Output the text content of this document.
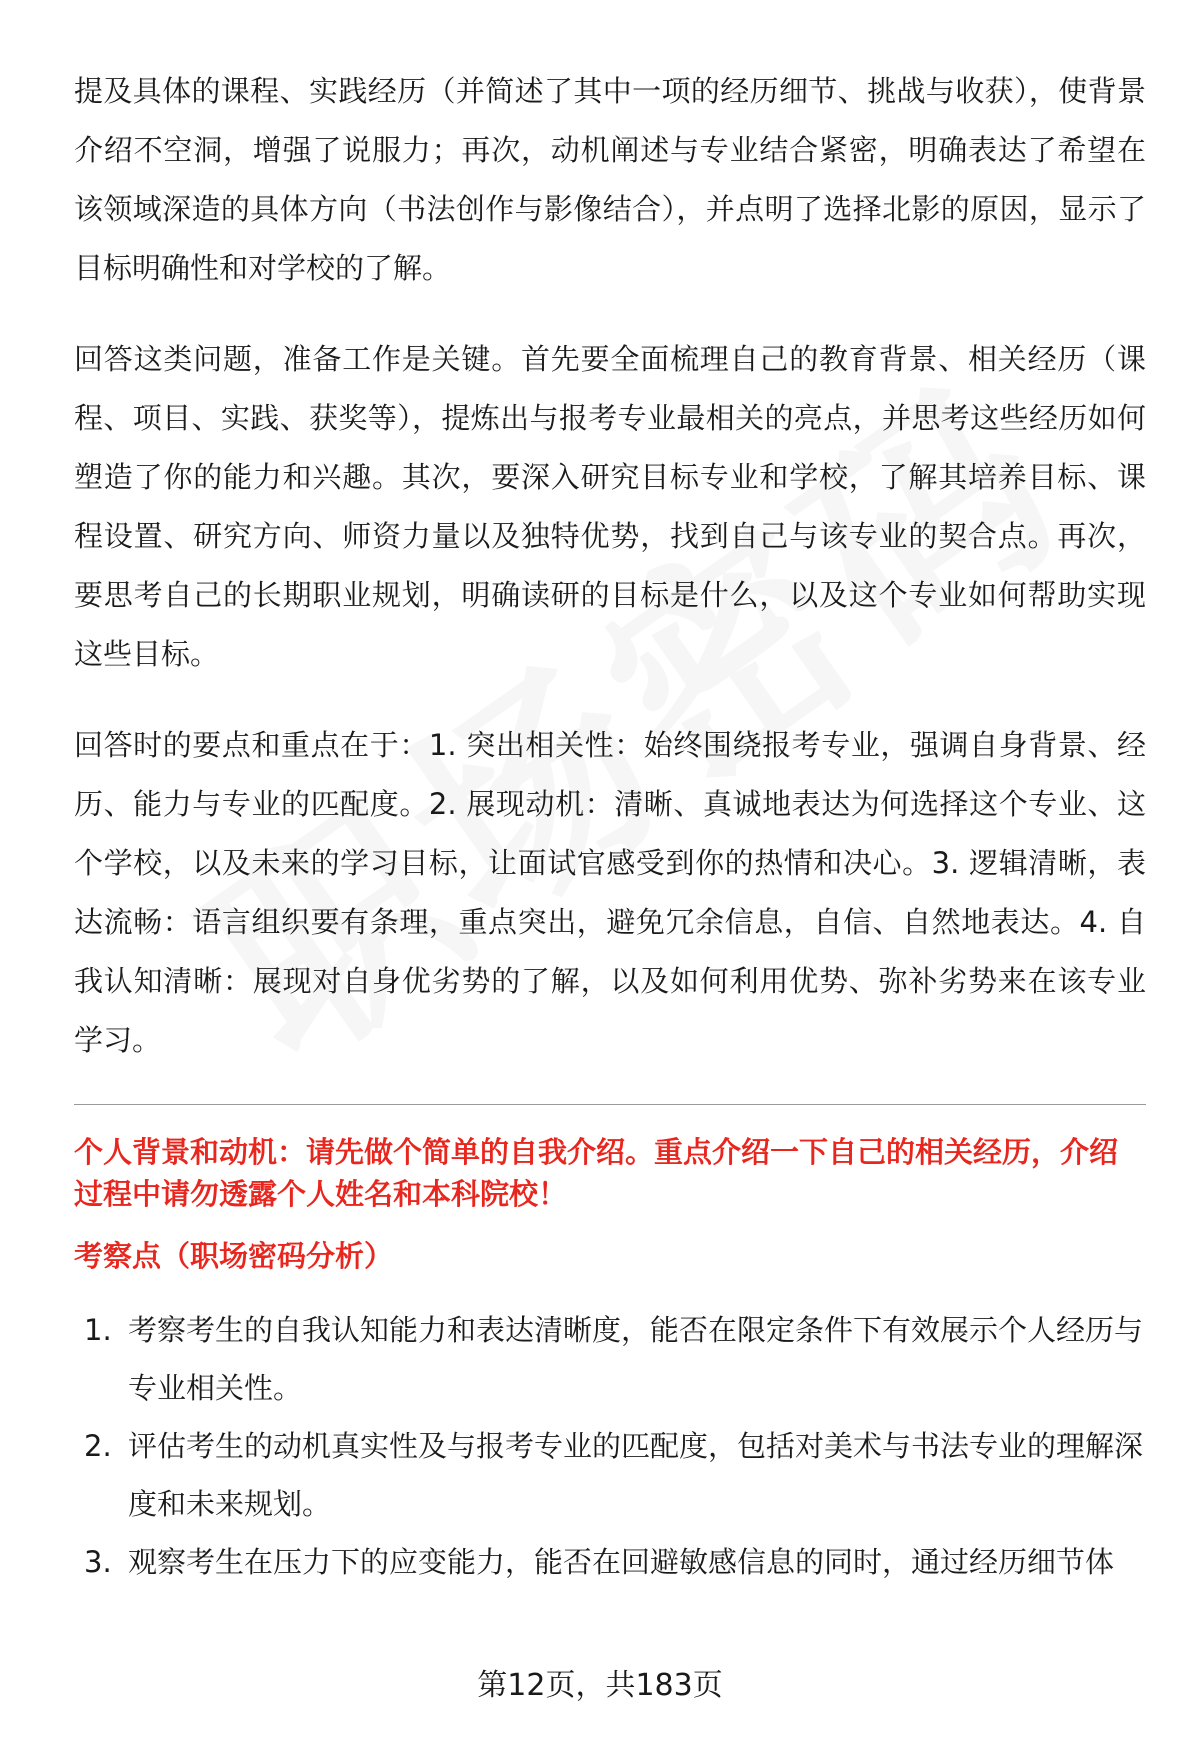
提及具体的课程、实践经历（并简述了其中一项的经历细节、挑战与收获），使背景介绍不空洞，增强了说服力；再次，动机阐述与专业结合紧密，明确表达了希望在该领域深造的具体方向（书法创作与影像结合），并点明了选择北影的原因，显示了目标明确性和对学校的了解。

回答这类问题，准备工作是关键。首先要全面梳理自己的教育背景、相关经历（课程、项目、实践、获奖等），提炼出与报考专业最相关的亮点，并思考这些经历如何塑造了你的能力和兴趣。其次，要深入研究目标专业和学校，了解其培养目标、课程设置、研究方向、师资力量以及独特优势，找到自己与该专业的契合点。再次，要思考自己的长期职业规划，明确读研的目标是什么，以及这个专业如何帮助实现这些目标。

回答时的要点和重点在于：1. 突出相关性：始终围绕报考专业，强调自身背景、经历、能力与专业的匹配度。2. 展现动机：清晰、真诚地表达为何选择这个专业、这个学校，以及未来的学习目标，让面试官感受到你的热情和决心。3. 逻辑清晰，表达流畅：语言组织要有条理，重点突出，避免冗余信息，自信、自然地表达。4. 自我认知清晰：展现对自身优劣势的了解，以及如何利用优势、弥补劣势来在该专业学习。

个人背景和动机：请先做个简单的自我介绍。重点介绍一下自己的相关经历，介绍过程中请勿透露个人姓名和本科院校！
考察点（职场密码分析）
1. 考察考生的自我认知能力和表达清晰度，能否在限定条件下有效展示个人经历与专业相关性。
2. 评估考生的动机真实性及与报考专业的匹配度，包括对美术与书法专业的理解深度和未来规划。
3. 观察考生在压力下的应变能力，能否在回避敏感信息的同时，通过经历细节体
第12页，共183页
